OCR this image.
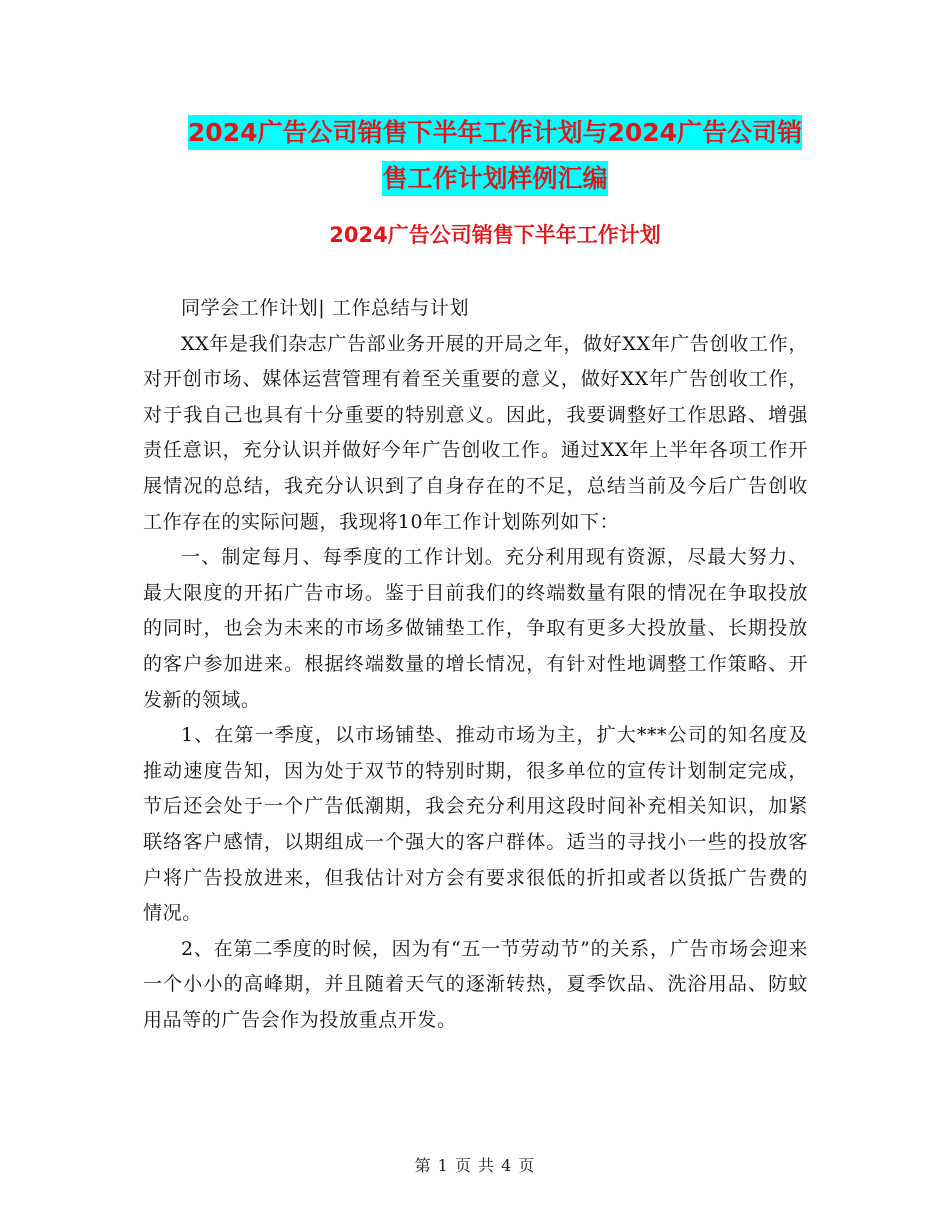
2024广告公司销售下半年工作计划与2024广告公司销
售工作计划样例汇编
2024广告公司销售下半年工作计划

同学会工作计划| 工作总结与计划

XX年是我们杂志广告部业务开展的开局之年，做好XX年广告创收工作，对开创市场、媒体运营管理有着至关重要的意义，做好XX年广告创收工作，对于我自己也具有十分重要的特别意义。因此，我要调整好工作思路、增强责任意识，充分认识并做好今年广告创收工作。通过XX年上半年各项工作开展情况的总结，我充分认识到了自身存在的不足，总结当前及今后广告创收工作存在的实际问题，我现将10年工作计划陈列如下：

一、制定每月、每季度的工作计划。充分利用现有资源，尽最大努力、最大限度的开拓广告市场。鉴于目前我们的终端数量有限的情况在争取投放的同时，也会为未来的市场多做铺垫工作，争取有更多大投放量、长期投放的客户参加进来。根据终端数量的增长情况，有针对性地调整工作策略、开发新的领域。

1、在第一季度，以市场铺垫、推动市场为主，扩大***公司的知名度及推动速度告知，因为处于双节的特别时期，很多单位的宣传计划制定完成，节后还会处于一个广告低潮期，我会充分利用这段时间补充相关知识，加紧联络客户感情，以期组成一个强大的客户群体。适当的寻找小一些的投放客户将广告投放进来，但我估计对方会有要求很低的折扣或者以货抵广告费的情况。

2、在第二季度的时候，因为有“五一节劳动节”的关系，广告市场会迎来一个小小的高峰期，并且随着天气的逐渐转热，夏季饮品、洗浴用品、防蚊用品等的广告会作为投放重点开发。

第 1 页 共 4 页
